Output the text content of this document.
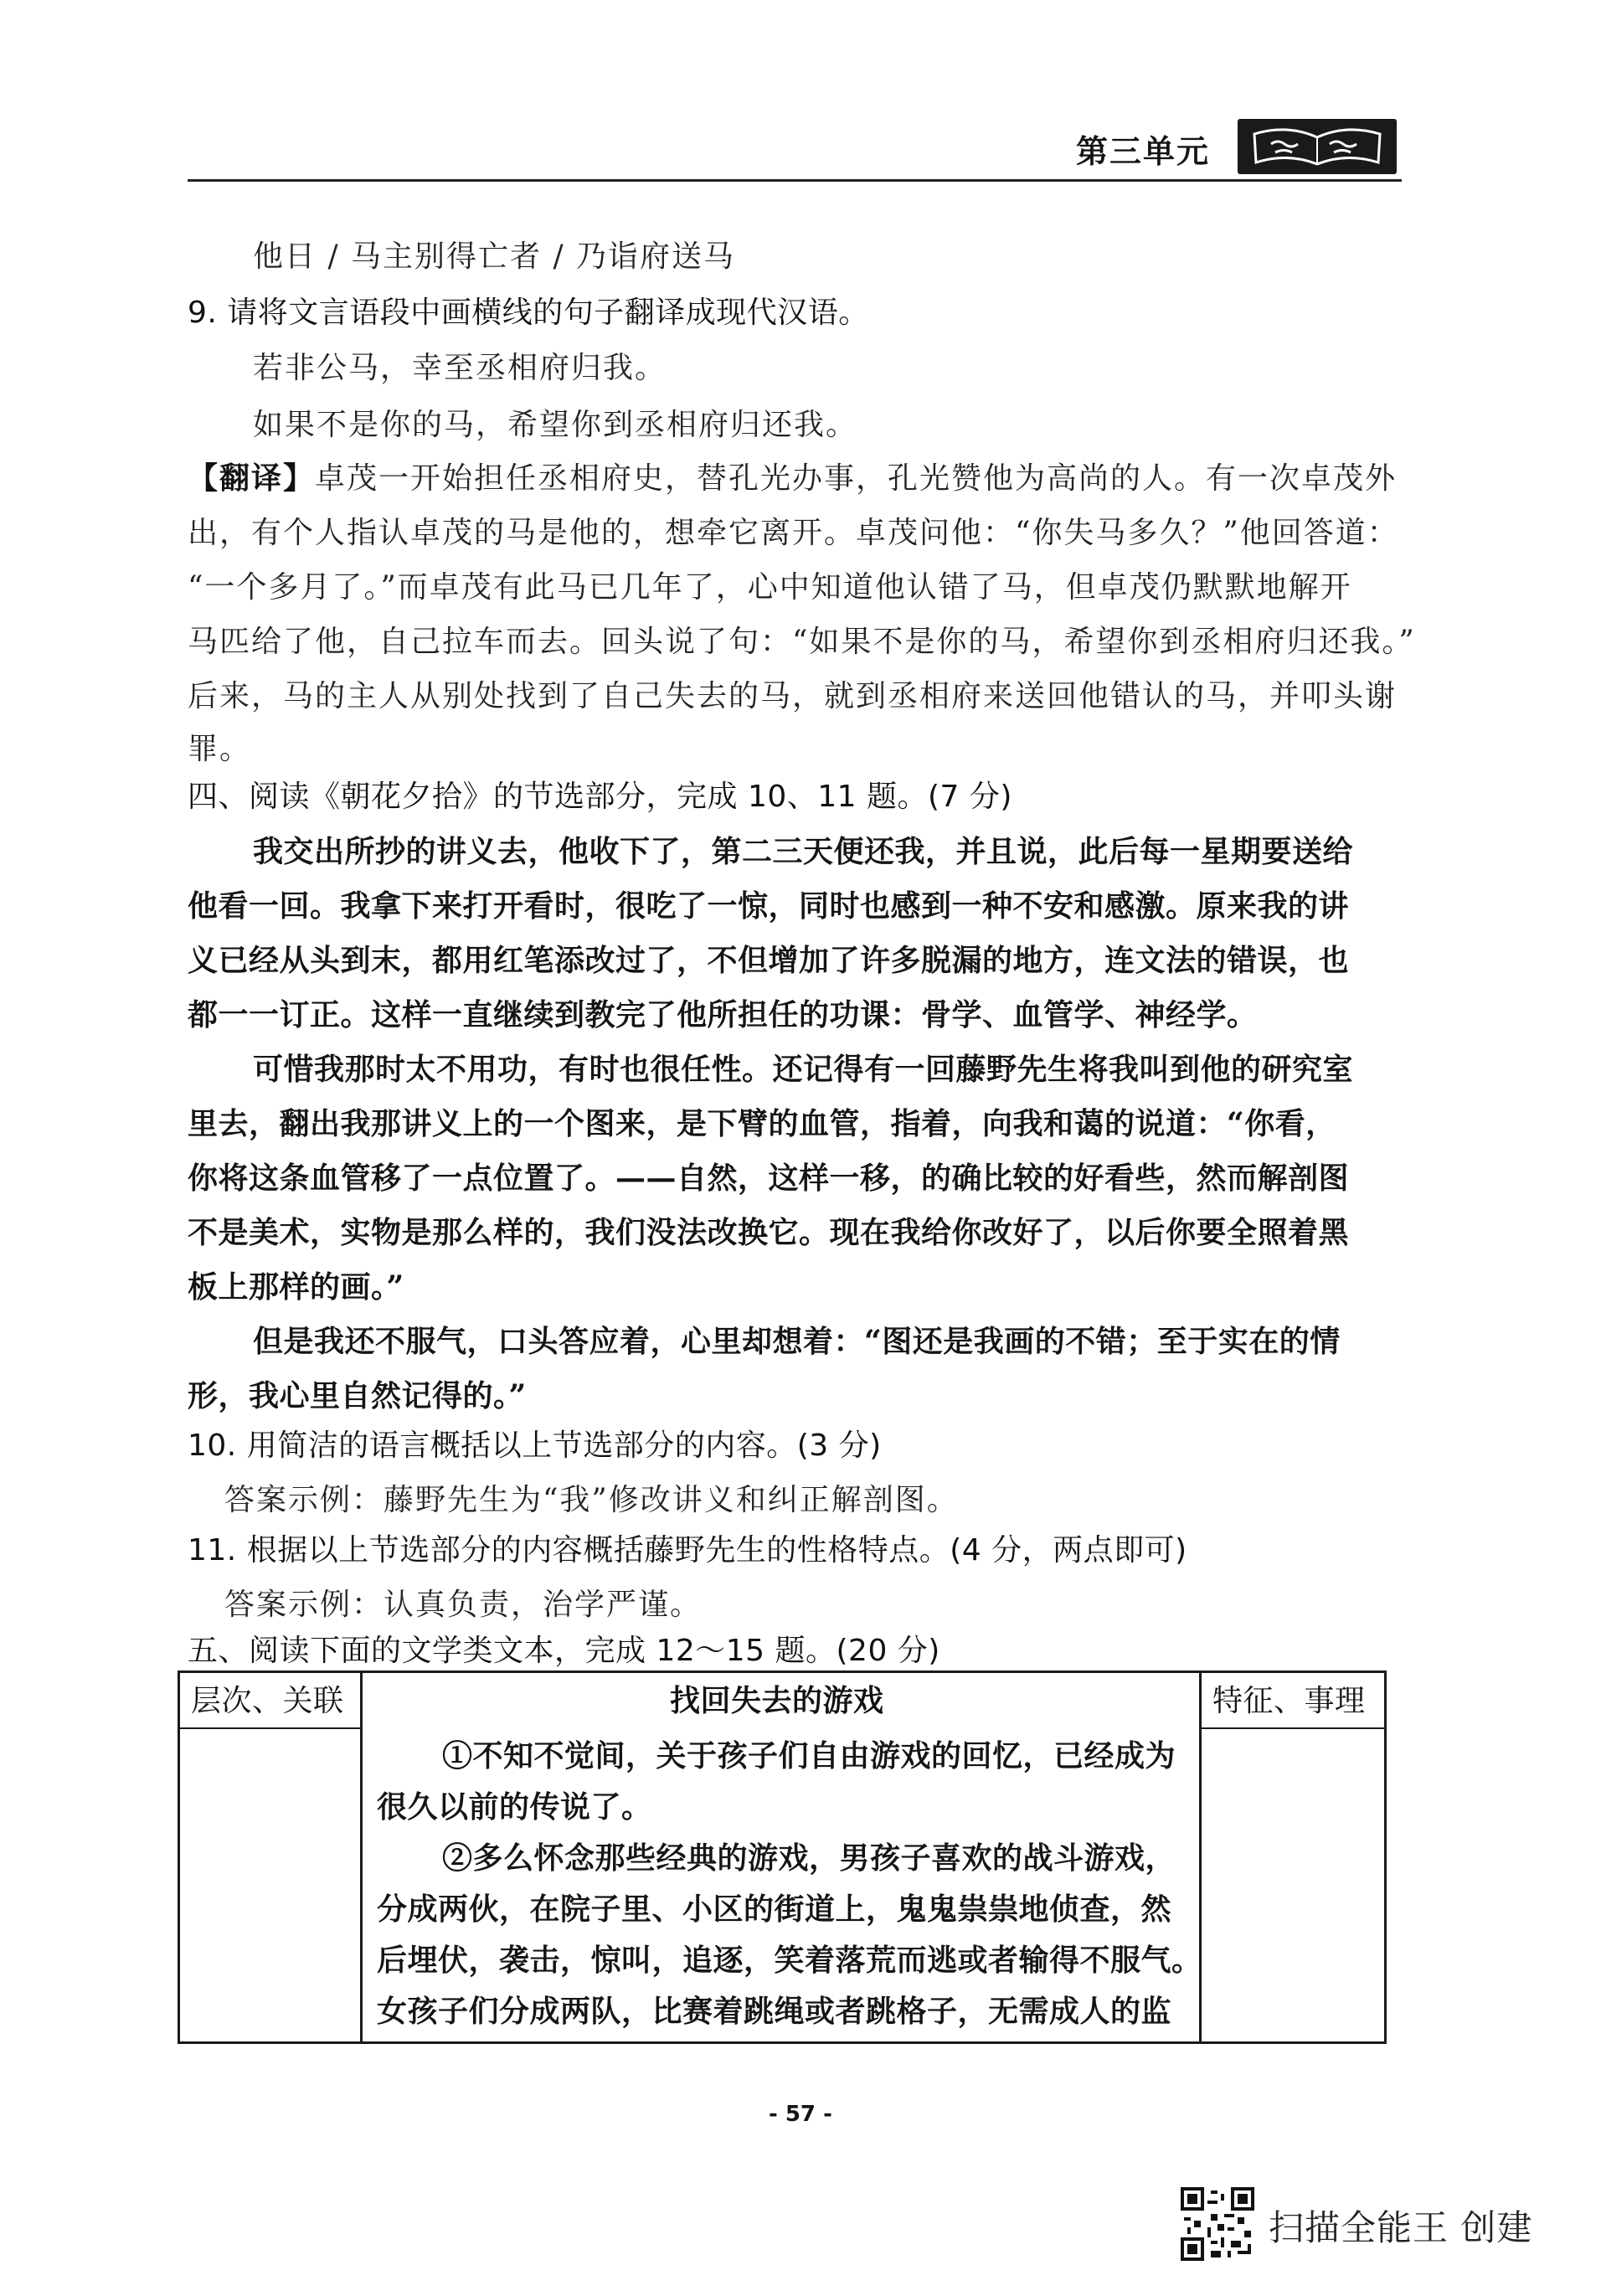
第三单元
他日 / 马主别得亡者 / 乃诣府送马
9. 请将文言语段中画横线的句子翻译成现代汉语。
若非公马，幸至丞相府归我。
如果不是你的马，希望你到丞相府归还我。
【翻译】卓茂一开始担任丞相府史，替孔光办事，孔光赞他为高尚的人。有一次卓茂外
出，有个人指认卓茂的马是他的，想牵它离开。卓茂问他：“你失马多久？”他回答道：
“一个多月了。”而卓茂有此马已几年了，心中知道他认错了马，但卓茂仍默默地解开
马匹给了他，自己拉车而去。回头说了句：“如果不是你的马，希望你到丞相府归还我。”
后来，马的主人从别处找到了自己失去的马，就到丞相府来送回他错认的马，并叩头谢
罪。
四、阅读《朝花夕拾》的节选部分，完成 10、11 题。(7 分)
我交出所抄的讲义去，他收下了，第二三天便还我，并且说，此后每一星期要送给
他看一回。我拿下来打开看时，很吃了一惊，同时也感到一种不安和感激。原来我的讲
义已经从头到末，都用红笔添改过了，不但增加了许多脱漏的地方，连文法的错误，也
都一一订正。这样一直继续到教完了他所担任的功课：骨学、血管学、神经学。
可惜我那时太不用功，有时也很任性。还记得有一回藤野先生将我叫到他的研究室
里去，翻出我那讲义上的一个图来，是下臂的血管，指着，向我和蔼的说道：“你看，
你将这条血管移了一点位置了。——自然，这样一移，的确比较的好看些，然而解剖图
不是美术，实物是那么样的，我们没法改换它。现在我给你改好了，以后你要全照着黑
板上那样的画。”
但是我还不服气，口头答应着，心里却想着：“图还是我画的不错；至于实在的情
形，我心里自然记得的。”
10. 用简洁的语言概括以上节选部分的内容。(3 分)
答案示例：藤野先生为“我”修改讲义和纠正解剖图。
11. 根据以上节选部分的内容概括藤野先生的性格特点。(4 分，两点即可)
答案示例：认真负责，治学严谨。
五、阅读下面的文学类文本，完成 12～15 题。(20 分)
层次、关联	找回失去的游戏	特征、事理
①不知不觉间，关于孩子们自由游戏的回忆，已经成为
很久以前的传说了。
②多么怀念那些经典的游戏，男孩子喜欢的战斗游戏，
分成两伙，在院子里、小区的街道上，鬼鬼祟祟地侦查，然
后埋伏，袭击，惊叫，追逐，笑着落荒而逃或者输得不服气。
女孩子们分成两队，比赛着跳绳或者跳格子，无需成人的监
- 57 -
扫描全能王 创建
